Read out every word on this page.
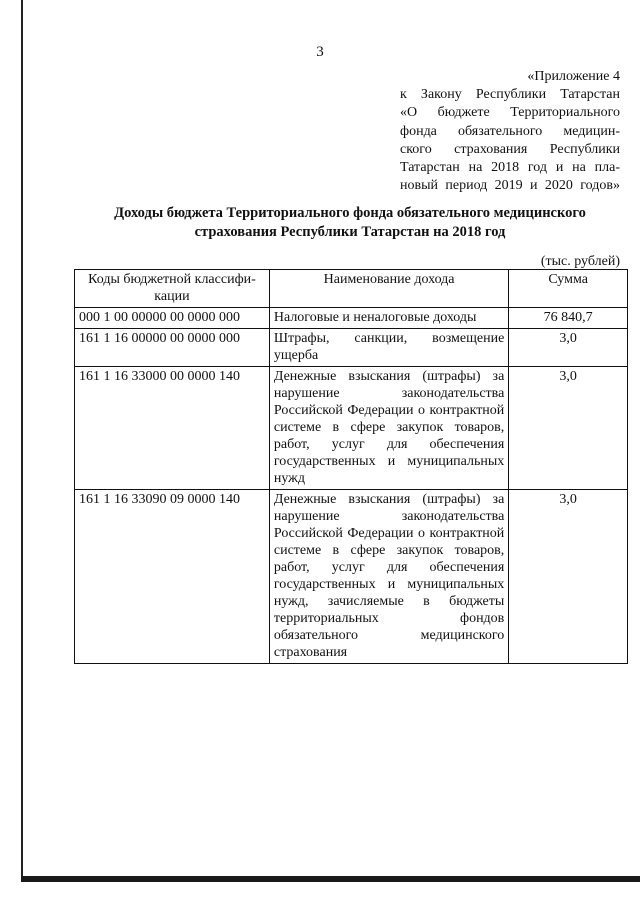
3
«Приложение 4
к Закону Республики Татарстан
«О бюджете Территориального
фонда обязательного медицин-
ского страхования Республики
Татарстан на 2018 год и на пла-
новый период 2019 и 2020 годов»
Доходы бюджета Территориального фонда обязательного медицинского
страхования Республики Татарстан на 2018 год
(тыс. рублей)
Коды бюджетной классифи-кации	Наименование дохода	Сумма
000 1 00 00000 00 0000 000	Налоговые и неналоговые доходы	76 840,7
161 1 16 00000 00 0000 000	Штрафы, санкции, возмещение ущерба	3,0
161 1 16 33000 00 0000 140	Денежные взыскания (штрафы) за нарушение законодательства Российской Федерации о контрактной системе в сфере закупок товаров, работ, услуг для обеспечения государственных и муниципальных нужд	3,0
161 1 16 33090 09 0000 140	Денежные взыскания (штрафы) за нарушение законодательства Российской Федерации о контрактной системе в сфере закупок товаров, работ, услуг для обеспечения государственных и муниципальных нужд, зачисляемые в бюджеты территориальных фондов обязательного медицинского страхования	3,0
